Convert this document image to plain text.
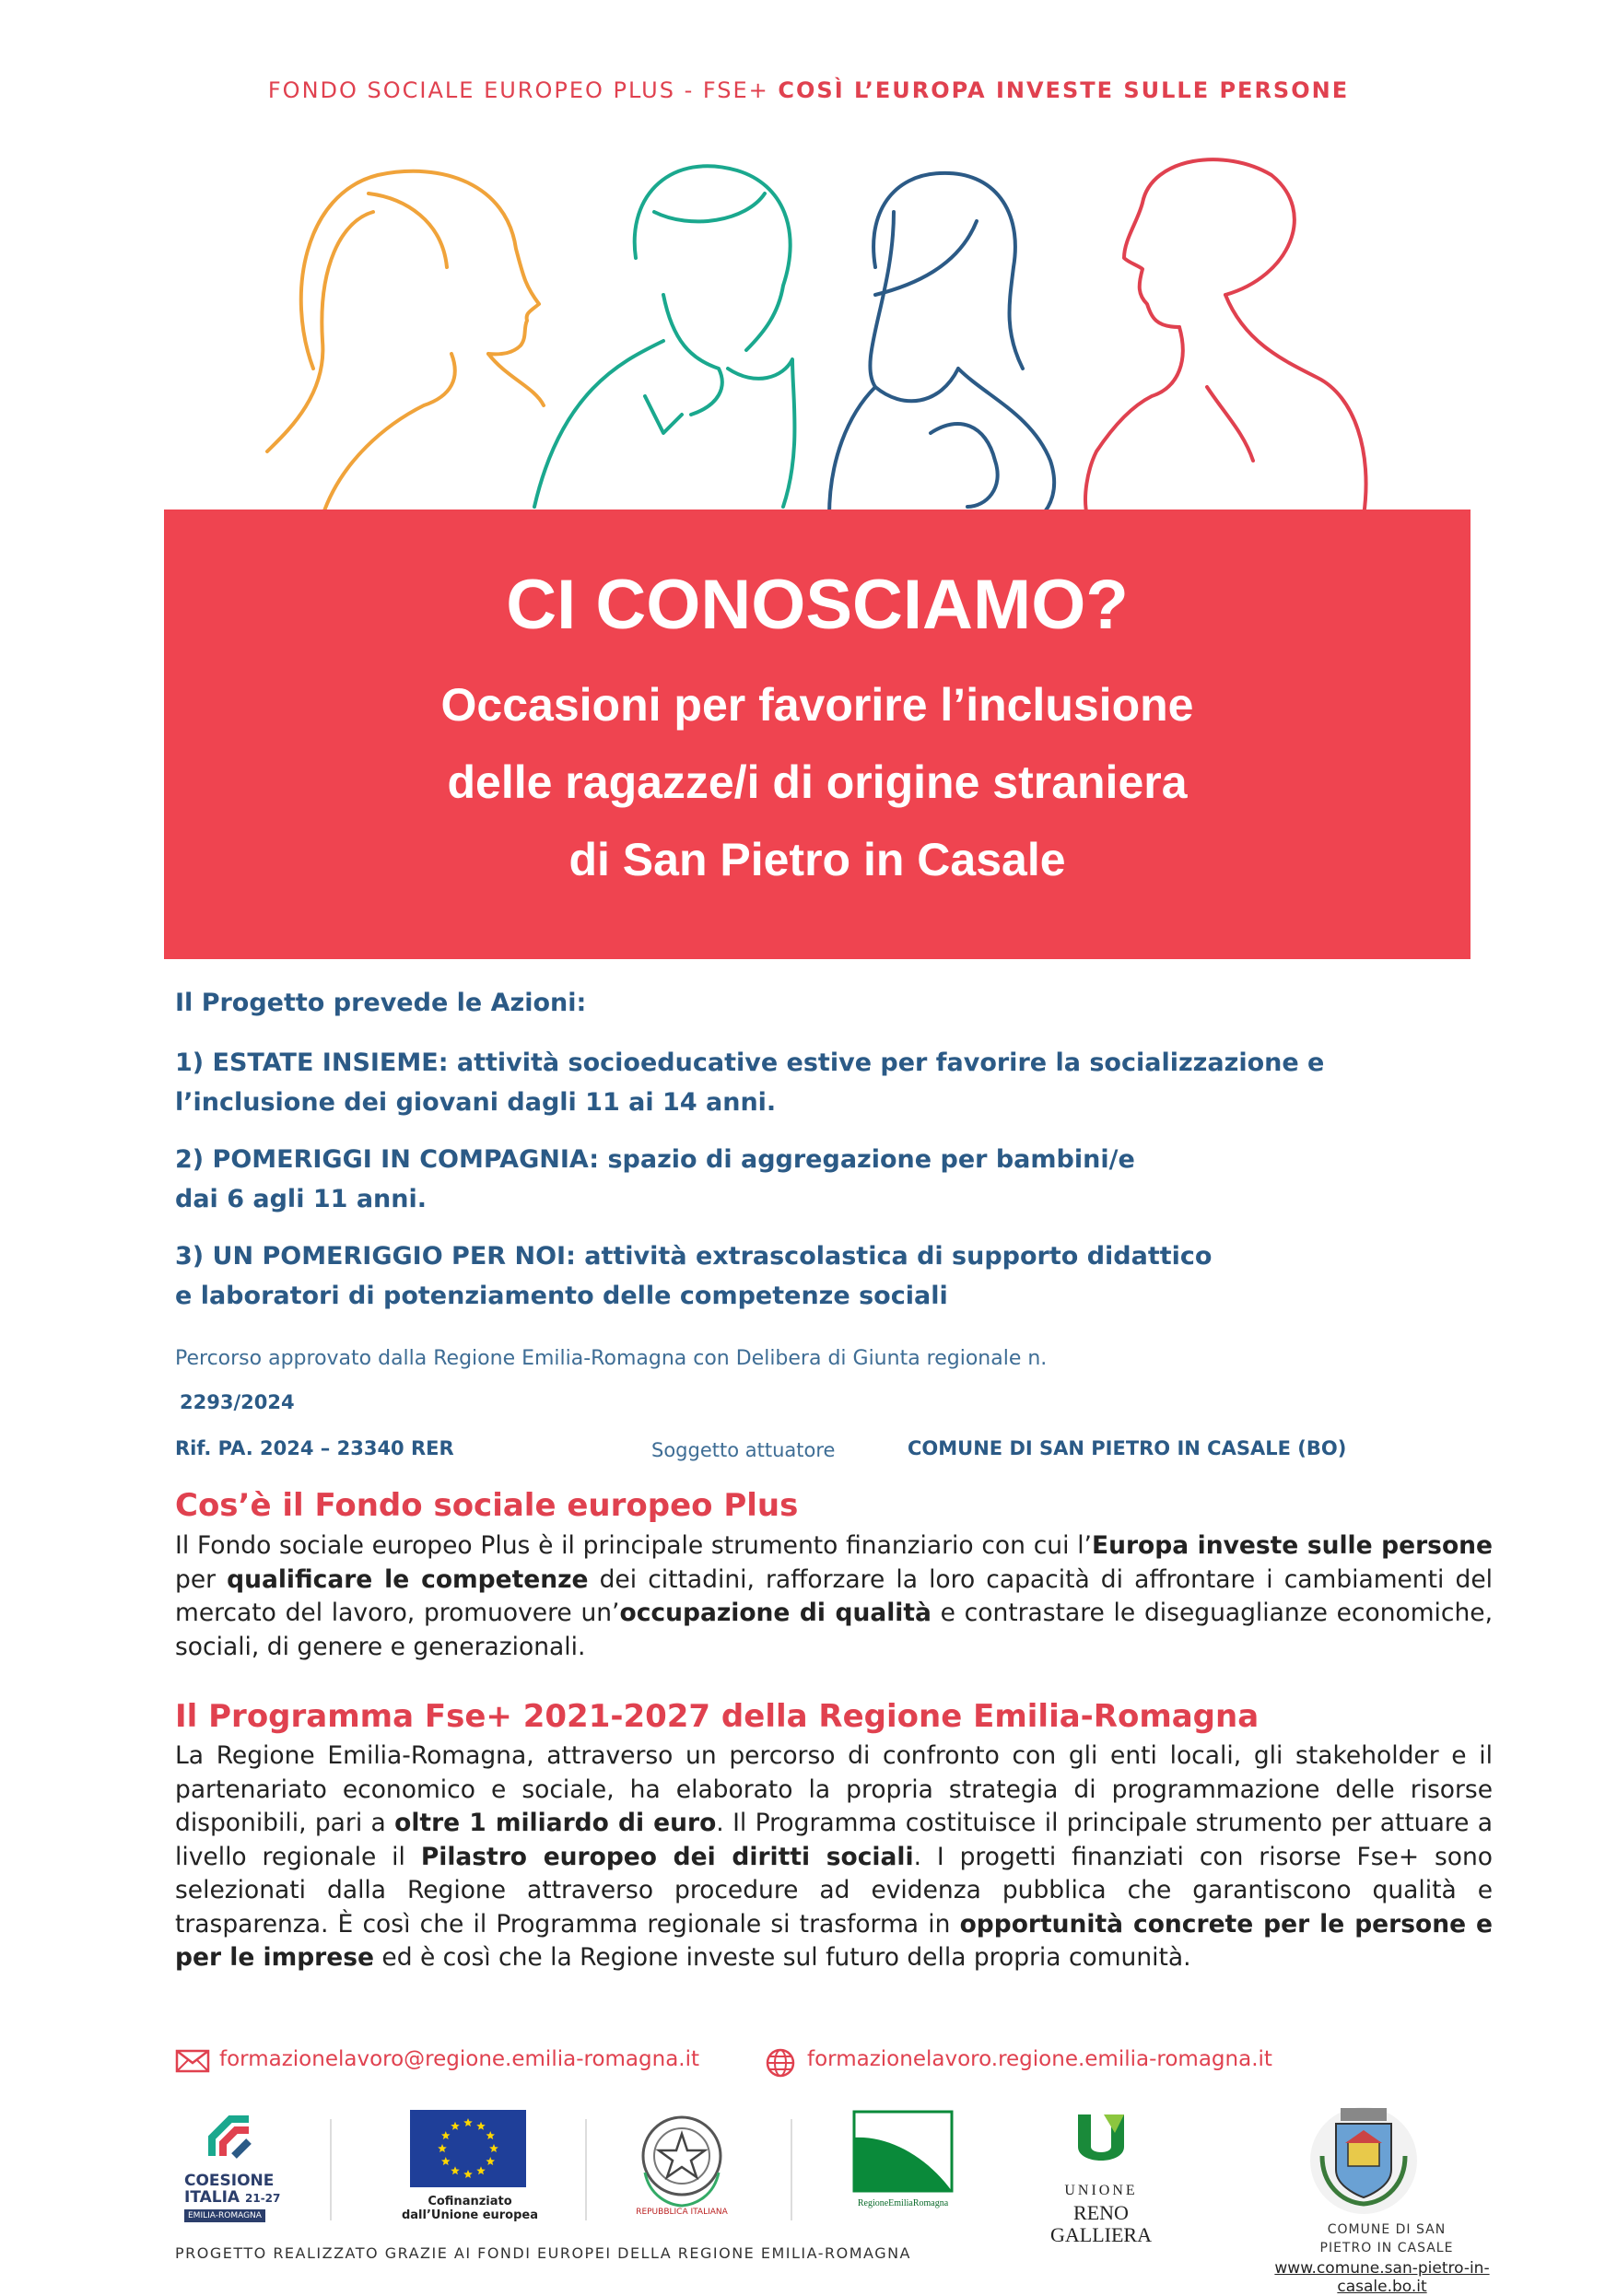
FONDO SOCIALE EUROPEO PLUS - FSE+ COSÌ L’EUROPA INVESTE SULLE PERSONE
CI CONOSCIAMO?
Occasioni per favorire l’inclusione
delle ragazze/i di origine straniera
di San Pietro in Casale
Il Progetto prevede le Azioni:
1) ESTATE INSIEME: attività socioeducative estive per favorire la socializzazione e
l’inclusione dei giovani dagli 11 ai 14 anni.
2) POMERIGGI IN COMPAGNIA: spazio di aggregazione per bambini/e
dai 6 agli 11 anni.
3) UN POMERIGGIO PER NOI: attività extrascolastica di supporto didattico
e laboratori di potenziamento delle competenze sociali
Percorso approvato dalla Regione Emilia-Romagna con Delibera di Giunta regionale n.
2293/2024
Rif. PA. 2024 – 23340 RER	Soggetto attuatore	COMUNE DI SAN PIETRO IN CASALE (BO)
Cos’è il Fondo sociale europeo Plus
Il Fondo sociale europeo Plus è il principale strumento finanziario con cui l’Europa investe sulle persone per qualificare le competenze dei cittadini, rafforzare la loro capacità di affrontare i cambiamenti del mercato del lavoro, promuovere un’occupazione di qualità e contrastare le diseguaglianze economiche, sociali, di genere e generazionali.
Il Programma Fse+ 2021-2027 della Regione Emilia-Romagna
La Regione Emilia-Romagna, attraverso un percorso di confronto con gli enti locali, gli stakeholder e il partenariato economico e sociale, ha elaborato la propria strategia di programmazione delle risorse disponibili, pari a oltre 1 miliardo di euro. Il Programma costituisce il principale strumento per attuare a livello regionale il Pilastro europeo dei diritti sociali. I progetti finanziati con risorse Fse+ sono selezionati dalla Regione attraverso procedure ad evidenza pubblica che garantiscono qualità e trasparenza. È così che il Programma regionale si trasforma in opportunità concrete per le persone e per le imprese ed è così che la Regione investe sul futuro della propria comunità.
formazionelavoro@regione.emilia-romagna.it	formazionelavoro.regione.emilia-romagna.it
COESIONE
ITALIA 21-27
EMILIA-ROMAGNA
Cofinanziato
dall’Unione europea	REPUBBLICA ITALIANA
RegioneEmiliaRomagna
UNIONE
RENO GALLIERA	COMUNE DI SAN
PIETRO IN CASALE
PROGETTO REALIZZATO GRAZIE AI FONDI EUROPEI DELLA REGIONE EMILIA-ROMAGNA
www.comune.san-pietro-in-casale.bo.it
